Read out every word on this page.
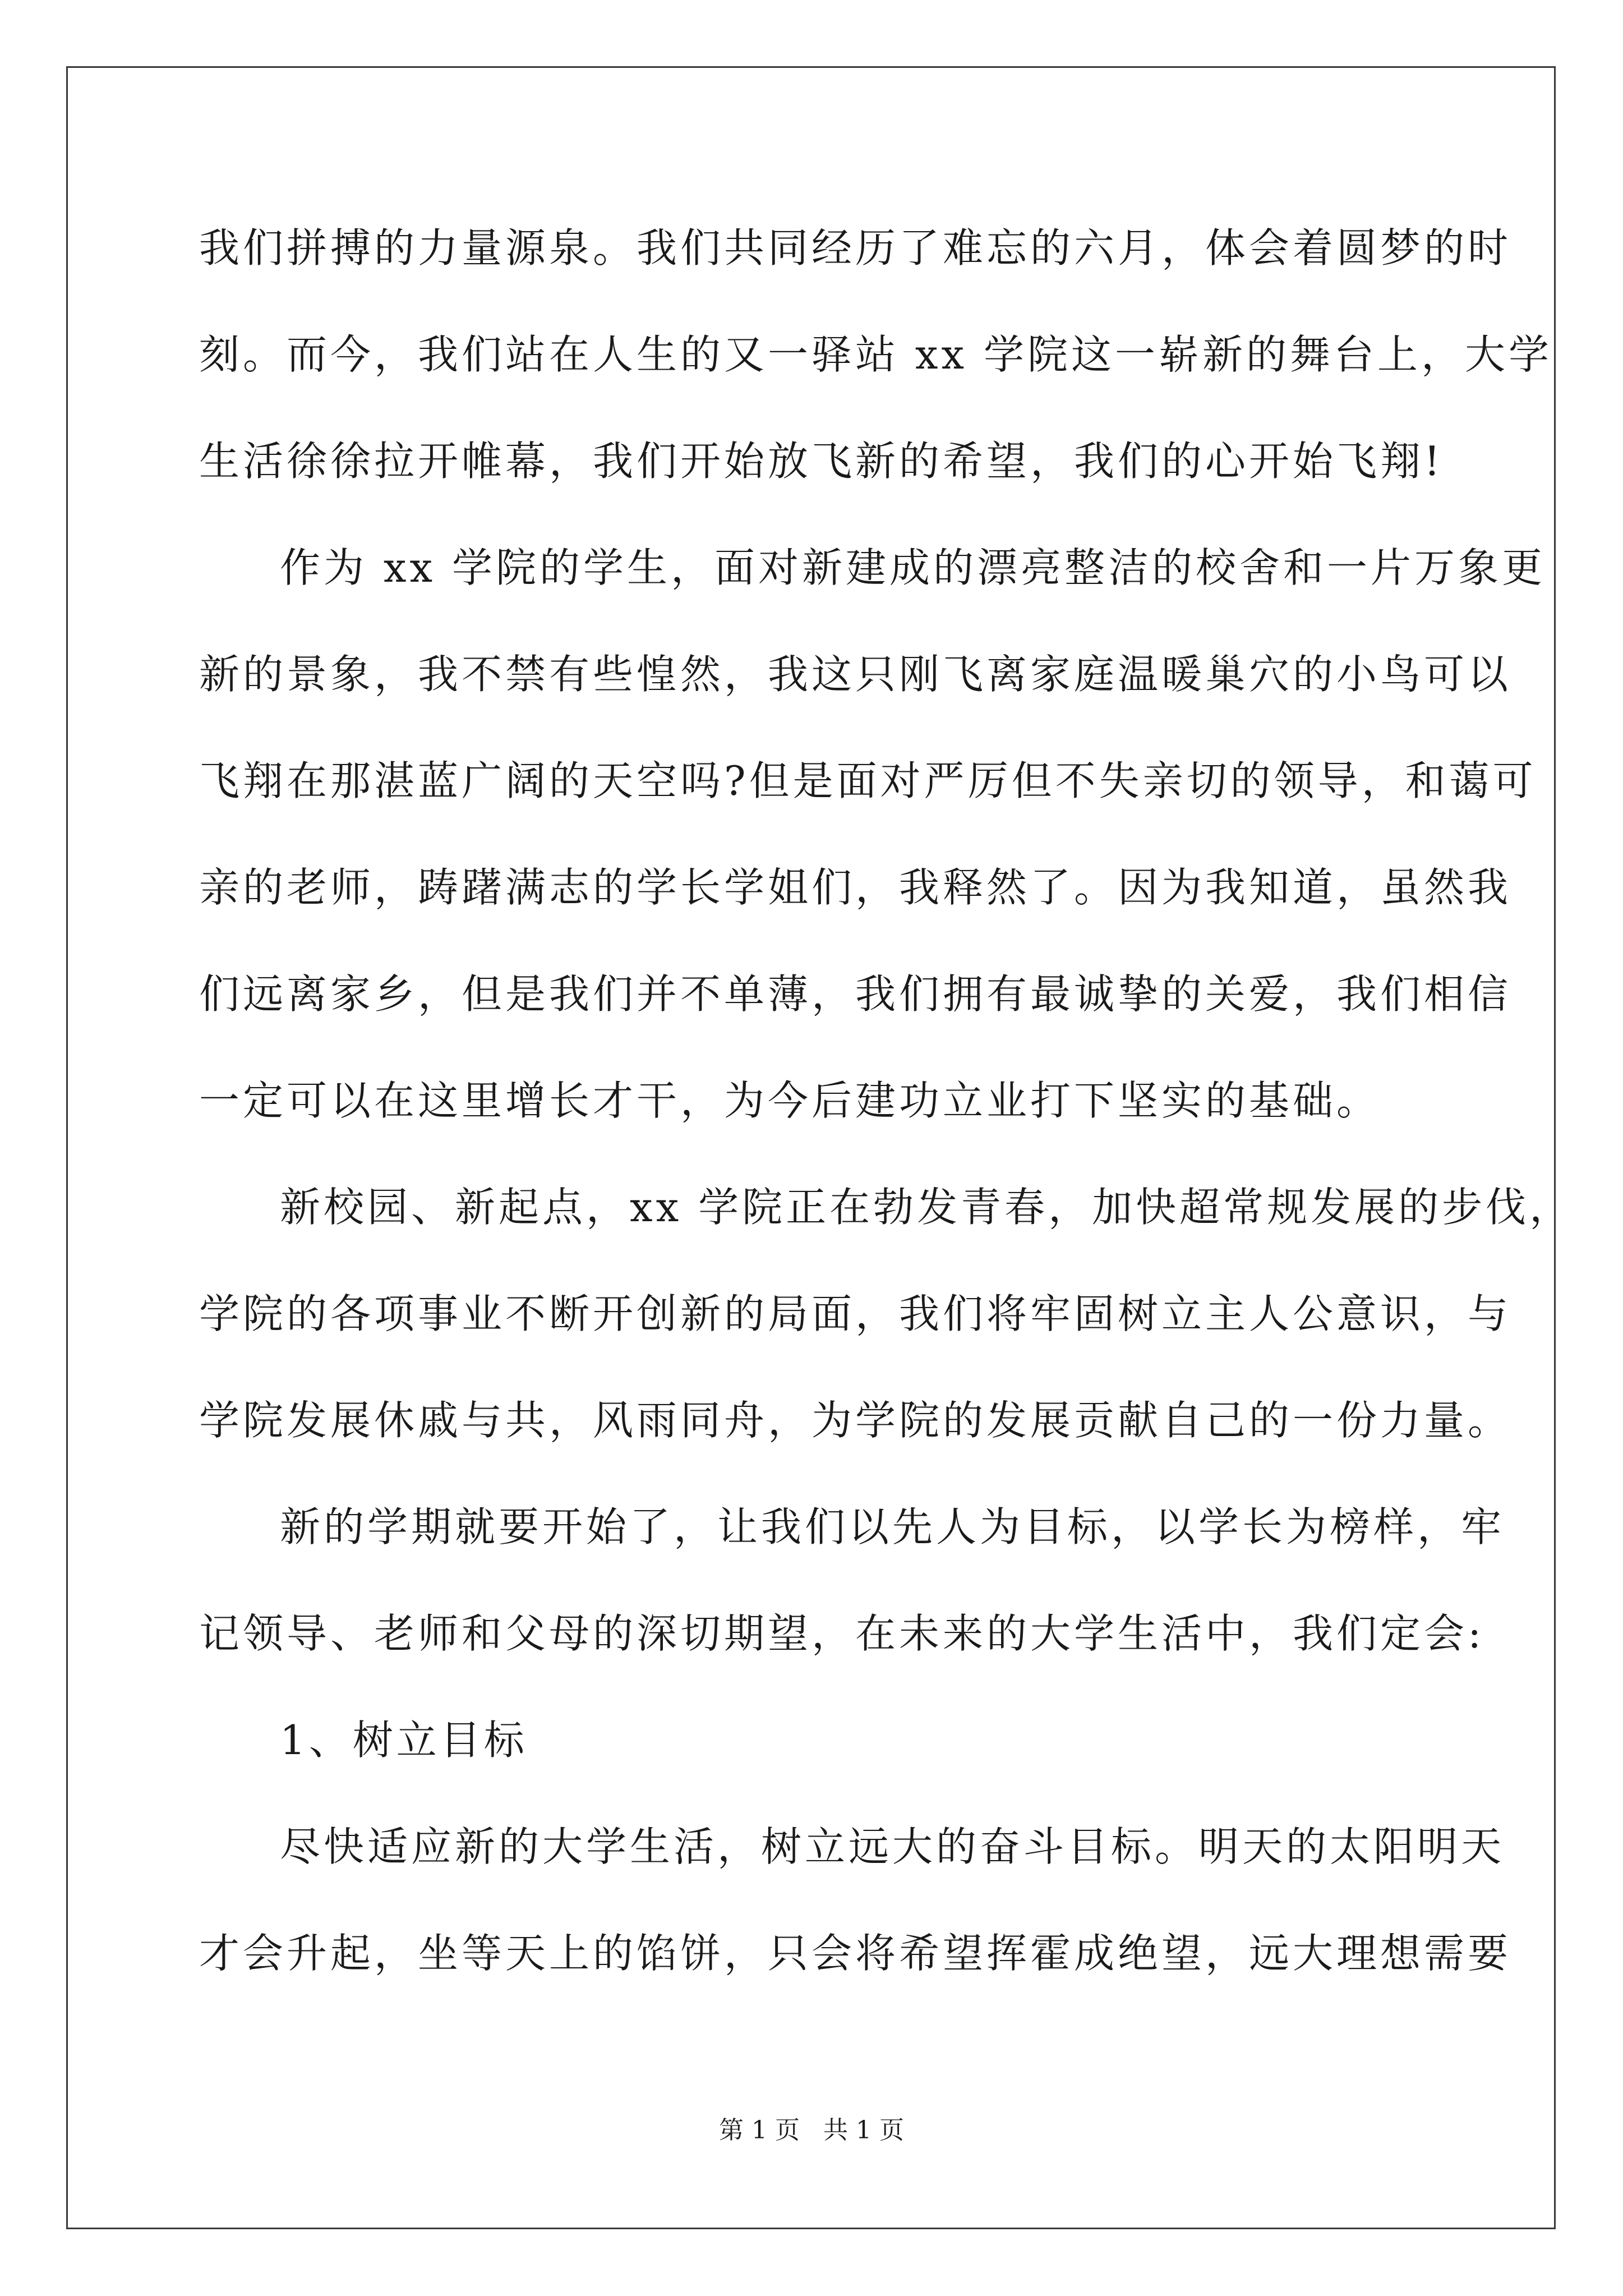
我们拼搏的力量源泉。我们共同经历了难忘的六月，体会着圆梦的时
刻。而今，我们站在人生的又一驿站 xx 学院这一崭新的舞台上，大学
生活徐徐拉开帷幕，我们开始放飞新的希望，我们的心开始飞翔!
作为 xx 学院的学生，面对新建成的漂亮整洁的校舍和一片万象更
新的景象，我不禁有些惶然，我这只刚飞离家庭温暖巢穴的小鸟可以
飞翔在那湛蓝广阔的天空吗?但是面对严厉但不失亲切的领导，和蔼可
亲的老师，踌躇满志的学长学姐们，我释然了。因为我知道，虽然我
们远离家乡，但是我们并不单薄，我们拥有最诚挚的关爱，我们相信
一定可以在这里增长才干，为今后建功立业打下坚实的基础。
新校园、新起点，xx 学院正在勃发青春，加快超常规发展的步伐，
学院的各项事业不断开创新的局面，我们将牢固树立主人公意识，与
学院发展休戚与共，风雨同舟，为学院的发展贡献自己的一份力量。
新的学期就要开始了，让我们以先人为目标，以学长为榜样，牢
记领导、老师和父母的深切期望，在未来的大学生活中，我们定会:
1、树立目标
尽快适应新的大学生活，树立远大的奋斗目标。明天的太阳明天
才会升起，坐等天上的馅饼，只会将希望挥霍成绝望，远大理想需要
第 1 页 共 1 页
